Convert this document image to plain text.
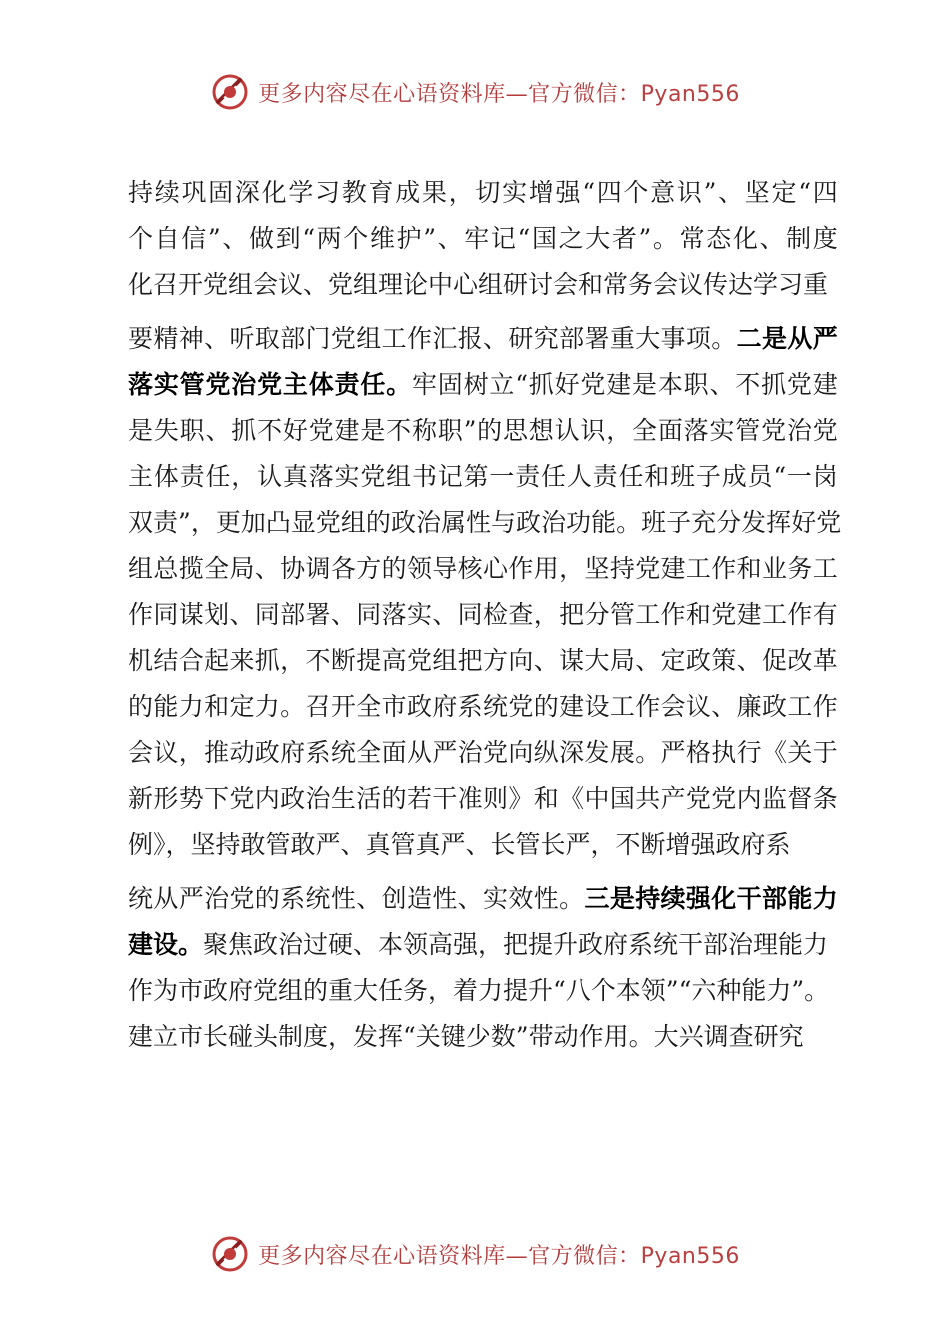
更多内容尽在心语资料库—官方微信：Pyan556
持 续 巩 固 深 化 学 习 教 育 成 果 ， 切 实 增 强 “ 四 个 意 识 ” 、 坚 定 “ 四
个 自 信 ” 、 做 到 “ 两 个 维 护 ” 、 牢 记 “ 国 之 大 者 ” 。 常 态 化 、 制 度
化召开党组会议、党组理论中心组研讨会和常务会议传达学习重
要 精 神 、 听 取 部 门 党 组 工 作 汇 报 、 研 究 部 署 重 大 事 项 。 二 是 从 严
落 实 管 党 治 党 主 体 责 任 。 牢 固 树 立 “ 抓 好 党 建 是 本 职 、 不 抓 党 建
是 失 职 、 抓 不 好 党 建 是 不 称 职 ” 的 思 想 认 识 ， 全 面 落 实 管 党 治 党
主 体 责 任 ， 认 真 落 实 党 组 书 记 第 一 责 任 人 责 任 和 班 子 成 员 “ 一 岗
双 责 ” ， 更 加 凸 显 党 组 的 政 治 属 性 与 政 治 功 能 。 班 子 充 分 发 挥 好 党
组 总 揽 全 局 、 协 调 各 方 的 领 导 核 心 作 用 ， 坚 持 党 建 工 作 和 业 务 工
作 同 谋 划 、 同 部 署 、 同 落 实 、 同 检 查 ， 把 分 管 工 作 和 党 建 工 作 有
机 结 合 起 来 抓 ， 不 断 提 高 党 组 把 方 向 、 谋 大 局 、 定 政 策 、 促 改 革
的 能 力 和 定 力 。 召 开 全 市 政 府 系 统 党 的 建 设 工 作 会 议 、 廉 政 工 作
会 议 ， 推 动 政 府 系 统 全 面 从 严 治 党 向 纵 深 发 展 。 严 格 执 行 《 关 于
新 形 势 下 党 内 政 治 生 活 的 若 干 准 则 》 和 《 中 国 共 产 党 党 内 监 督 条
例》，坚持敢管敢严、真管真严、长管长严，不断增强政府系
统 从 严 治 党 的 系 统 性 、 创 造 性 、 实 效 性 。 三 是 持 续 强 化 干 部 能 力
建设。 聚焦政治过硬、本领高强，把提升政府系统干部治理能力
作为市政府党组的重大任务，着力提升“八个本领”“六种能力”。
建立市长碰头制度，发挥“关键少数”带动作用。大兴调查研究
更多内容尽在心语资料库—官方微信：Pyan556
